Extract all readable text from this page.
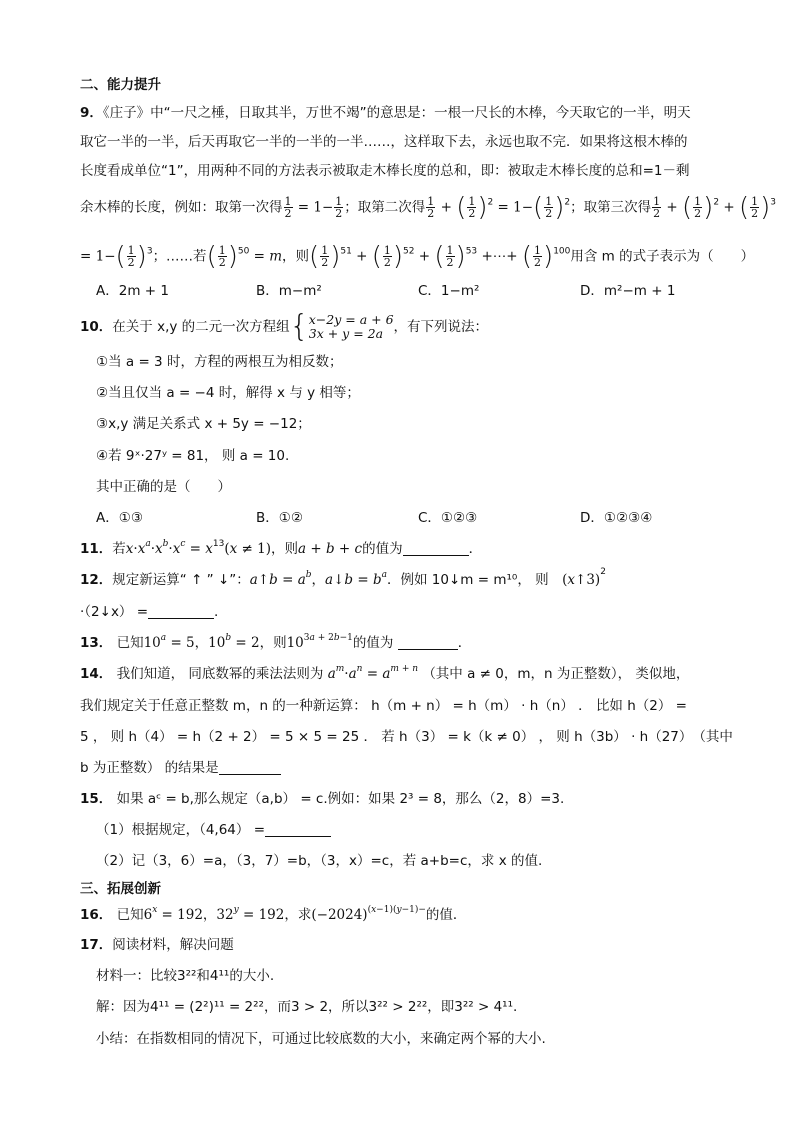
二、能力提升
9．《庄子》中“一尺之棰，日取其半，万世不竭”的意思是：一根一尺长的木棒，今天取它的一半，明天
取它一半的一半，后天再取它一半的一半的一半……，这样取下去，永远也取不完．如果将这根木棒的
长度看成单位“1”，用两种不同的方法表示被取走木棒长度的总和，即：被取走木棒长度的总和=1－剩
余木棒的长度，例如：取第一次得 $\frac{1}{2} = 1- \frac{1}{2}$ ；取第二次得 $\frac{1}{2}$ + ( $\frac{1}{2} )^2 = 1-( \frac{1}{2} )^2$；取第三次得 $\frac{1}{2}$ + ( $\frac{1}{2} )^2$ + ( $\frac{1}{2} )^3$
= $1-( \frac{1}{2} )^3$；……若( $\frac{1}{2} )^{50} = m$，则( $\frac{1}{2} )^{51}$ + ( $\frac{1}{2} )^{52}$ + ( $\frac{1}{2} )^{53}$ +⋯+ ( $\frac{1}{2} )^{100}$用含 m 的式子表示为（　　）
A．2m + 1	B．m−m²	C．1−m²	D．m²−m + 1
10．在关于 x,y 的二元一次方程组{ x−2y = a + 6
3x + y = 2a ，有下列说法：
①当 a = 3 时，方程的两根互为相反数；
②当且仅当 a = −4 时，解得 x 与 y 相等；
③x,y 满足关系式 x + 5y = −12；
④若 9ˣ·27ʸ = 81， 则 a = 10.
其中正确的是（　　）
A．①③	B．①②	C．①②③	D．①②③④
11．若$x\cdot x^a\cdot x^b\cdot x^c = x^{13}(x \ne 1)$，则a + b + c的值为	．
12．规定新运算“ ↑ ” ↓”：a↑b = $a^b$，a↓b = $b^a$．例如 10↓m = m¹⁰， 则　(x↑3)$^2$
·（2↓x） =	.
13． 已知$10^a = 5$，$10^b = 2$，则$10^{3a + 2b-1}$的值为	．
14． 我们知道， 同底数幂的乘法法则为 $a^m\cdot a^n = a^{m + n}$ （其中 a ≠ 0，m，n 为正整数）， 类似地，
我们规定关于任意正整数 m，n 的一种新运算： h（m + n） = h（m） · h（n） ． 比如 h（2） =
5 ， 则 h（4） = h（2 + 2） = 5 × 5 = 25 ． 若 h（3） = k（k ≠ 0） ， 则 h（3b） · h（27）　 （其中
b 为正整数） 的结果是
15． 如果 aᶜ = b,那么规定（a,b） = c.例如：如果 2³ = 8，那么（2，8）=3.
（1）根据规定，（4,64） =
（2）记（3，6）=a，（3，7）=b，（3，x）=c，若 a+b=c，求 x 的值.
三、拓展创新
16． 已知$6^x = 192$，$32^y = 192$，求$(-2024)^{(x-1)(y-1)-}$的值．
17．阅读材料，解决问题
材料一：比较3²²和4¹¹的大小.
解：因为4¹¹ = (2²)¹¹ = 2²²，而3 > 2，所以3²² > 2²²，即3²² > 4¹¹.
小结：在指数相同的情况下，可通过比较底数的大小，来确定两个幂的大小.
